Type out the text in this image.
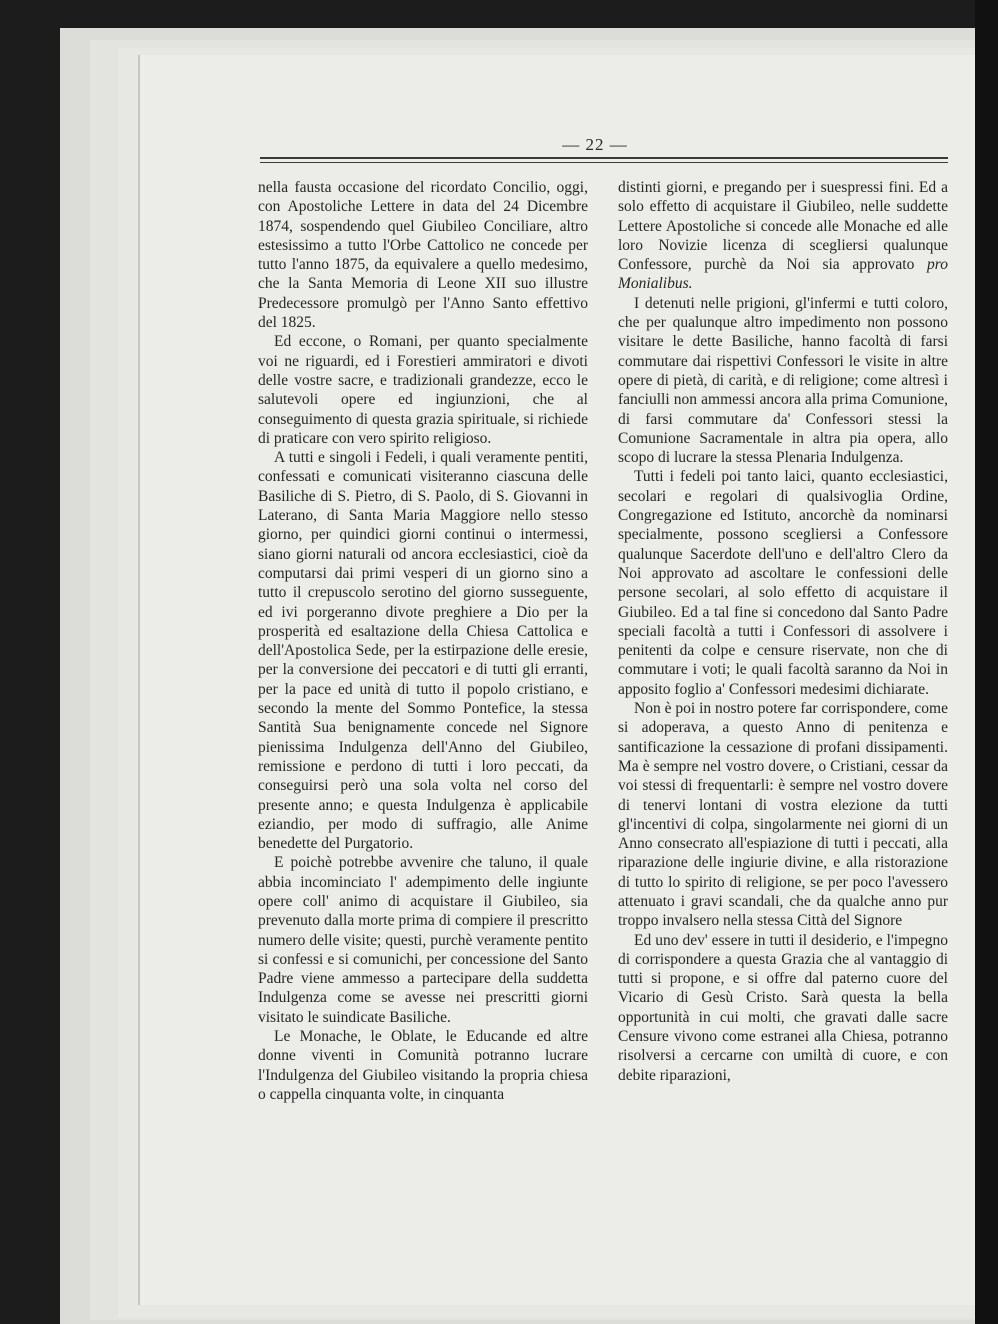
— 22 —

nella fausta occasione del ricordato Concilio, oggi, con Apostoliche Lettere in data del 24 Dicembre 1874, sospendendo quel Giubileo Conciliare, altro estesissimo a tutto l'Orbe Cattolico ne concede per tutto l'anno 1875, da equivalere a quello medesimo, che la Santa Memoria di Leone XII suo illustre Predecessore promulgò per l'Anno Santo effettivo del 1825.

Ed eccone, o Romani, per quanto specialmente voi ne riguardi, ed i Forestieri ammiratori e divoti delle vostre sacre, e tradizionali grandezze, ecco le salutevoli opere ed ingiunzioni, che al conseguimento di questa grazia spirituale, si richiede di praticare con vero spirito religioso.

A tutti e singoli i Fedeli, i quali veramente pentiti, confessati e comunicati visiteranno ciascuna delle Basiliche di S. Pietro, di S. Paolo, di S. Giovanni in Laterano, di Santa Maria Maggiore nello stesso giorno, per quindici giorni continui o intermessi, siano giorni naturali od ancora ecclesiastici, cioè da computarsi dai primi vesperi di un giorno sino a tutto il crepuscolo serotino del giorno susseguente, ed ivi porgeranno divote preghiere a Dio per la prosperità ed esaltazione della Chiesa Cattolica e dell'Apostolica Sede, per la estirpazione delle eresie, per la conversione dei peccatori e di tutti gli erranti, per la pace ed unità di tutto il popolo cristiano, e secondo la mente del Sommo Pontefice, la stessa Santità Sua benignamente concede nel Signore pienissima Indulgenza dell'Anno del Giubileo, remissione e perdono di tutti i loro peccati, da conseguirsi però una sola volta nel corso del presente anno; e questa Indulgenza è applicabile eziandio, per modo di suffragio, alle Anime benedette del Purgatorio.

E poichè potrebbe avvenire che taluno, il quale abbia incominciato l' adempimento delle ingiunte opere coll' animo di acquistare il Giubileo, sia prevenuto dalla morte prima di compiere il prescritto numero delle visite; questi, purchè veramente pentito si confessi e si comunichi, per concessione del Santo Padre viene ammesso a partecipare della suddetta Indulgenza come se avesse nei prescritti giorni visitato le suindicate Basiliche.

Le Monache, le Oblate, le Educande ed altre donne viventi in Comunità potranno lucrare l'Indulgenza del Giubileo visitando la propria chiesa o cappella cinquanta volte, in cinquanta

distinti giorni, e pregando per i suespressi fini. Ed a solo effetto di acquistare il Giubileo, nelle suddette Lettere Apostoliche si concede alle Monache ed alle loro Novizie licenza di scegliersi qualunque Confessore, purchè da Noi sia approvato pro Monialibus.

I detenuti nelle prigioni, gl'infermi e tutti coloro, che per qualunque altro impedimento non possono visitare le dette Basiliche, hanno facoltà di farsi commutare dai rispettivi Confessori le visite in altre opere di pietà, di carità, e di religione; come altresì i fanciulli non ammessi ancora alla prima Comunione, di farsi commutare da' Confessori stessi la Comunione Sacramentale in altra pia opera, allo scopo di lucrare la stessa Plenaria Indulgenza.

Tutti i fedeli poi tanto laici, quanto ecclesiastici, secolari e regolari di qualsivoglia Ordine, Congregazione ed Istituto, ancorchè da nominarsi specialmente, possono scegliersi a Confessore qualunque Sacerdote dell'uno e dell'altro Clero da Noi approvato ad ascoltare le confessioni delle persone secolari, al solo effetto di acquistare il Giubileo. Ed a tal fine si concedono dal Santo Padre speciali facoltà a tutti i Confessori di assolvere i penitenti da colpe e censure riservate, non che di commutare i voti; le quali facoltà saranno da Noi in apposito foglio a' Confessori medesimi dichiarate.

Non è poi in nostro potere far corrispondere, come si adoperava, a questo Anno di penitenza e santificazione la cessazione di profani dissipamenti. Ma è sempre nel vostro dovere, o Cristiani, cessar da voi stessi di frequentarli: è sempre nel vostro dovere di tenervi lontani di vostra elezione da tutti gl'incentivi di colpa, singolarmente nei giorni di un Anno consecrato all'espiazione di tutti i peccati, alla riparazione delle ingiurie divine, e alla ristorazione di tutto lo spirito di religione, se per poco l'avessero attenuato i gravi scandali, che da qualche anno pur troppo invalsero nella stessa Città del Signore

Ed uno dev' essere in tutti il desiderio, e l'impegno di corrispondere a questa Grazia che al vantaggio di tutti si propone, e si offre dal paterno cuore del Vicario di Gesù Cristo. Sarà questa la bella opportunità in cui molti, che gravati dalle sacre Censure vivono come estranei alla Chiesa, potranno risolversi a cercarne con umiltà di cuore, e con debite riparazioni,
